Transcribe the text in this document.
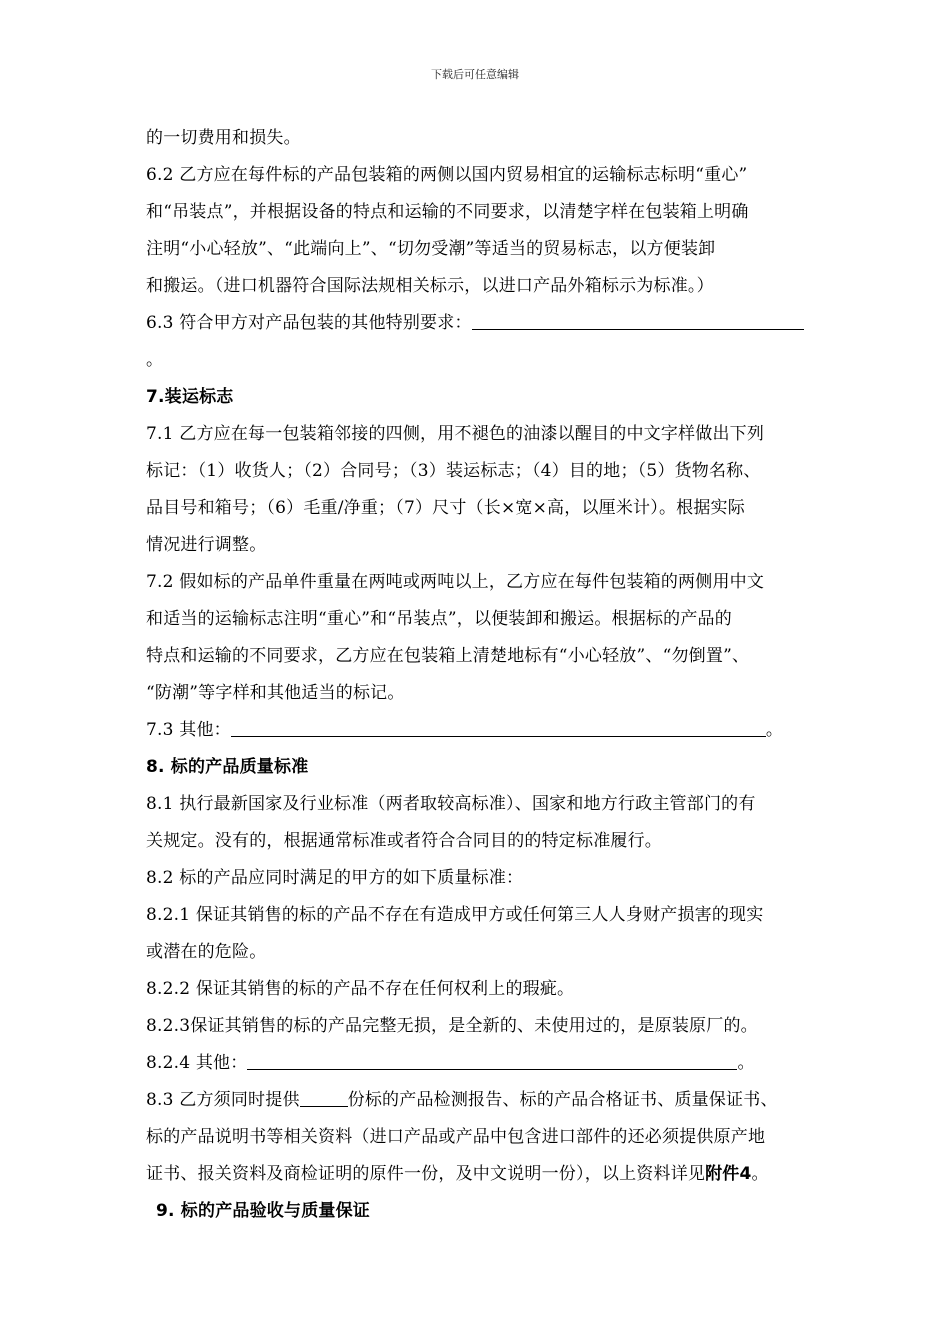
下载后可任意编辑
的一切费用和损失。
6.2 乙方应在每件标的产品包装箱的两侧以国内贸易相宜的运输标志标明“重心”
和“吊装点”，并根据设备的特点和运输的不同要求，以清楚字样在包装箱上明确
注明“小心轻放”、“此端向上”、“切勿受潮”等适当的贸易标志，以方便装卸
和搬运。（进口机器符合国际法规相关标示，以进口产品外箱标示为标准。）
6.3 符合甲方对产品包装的其他特别要求：
。
7.装运标志
7.1 乙方应在每一包装箱邻接的四侧，用不褪色的油漆以醒目的中文字样做出下列
标记：（1）收货人；（2）合同号；（3）装运标志；（4）目的地；（5）货物名称、
品目号和箱号；（6）毛重/净重；（7）尺寸（长×宽×高，以厘米计）。根据实际
情况进行调整。
7.2 假如标的产品单件重量在两吨或两吨以上，乙方应在每件包装箱的两侧用中文
和适当的运输标志注明“重心”和“吊装点”，以便装卸和搬运。根据标的产品的
特点和运输的不同要求，乙方应在包装箱上清楚地标有“小心轻放”、“勿倒置”、
“防潮”等字样和其他适当的标记。
7.3 其他：	。
8. 标的产品质量标准
8.1 执行最新国家及行业标准（两者取较高标准）、国家和地方行政主管部门的有
关规定。没有的，根据通常标准或者符合合同目的的特定标准履行。
8.2 标的产品应同时满足的甲方的如下质量标准：
8.2.1 保证其销售的标的产品不存在有造成甲方或任何第三人人身财产损害的现实
或潜在的危险。
8.2.2 保证其销售的标的产品不存在任何权利上的瑕疵。
8.2.3保证其销售的标的产品完整无损，是全新的、未使用过的，是原装原厂的。
8.2.4 其他：	。
8.3 乙方须同时提供	份标的产品检测报告、标的产品合格证书、质量保证书、
标的产品说明书等相关资料（进口产品或产品中包含进口部件的还必须提供原产地
证书、报关资料及商检证明的原件一份，及中文说明一份），以上资料详见附件4。
9. 标的产品验收与质量保证
